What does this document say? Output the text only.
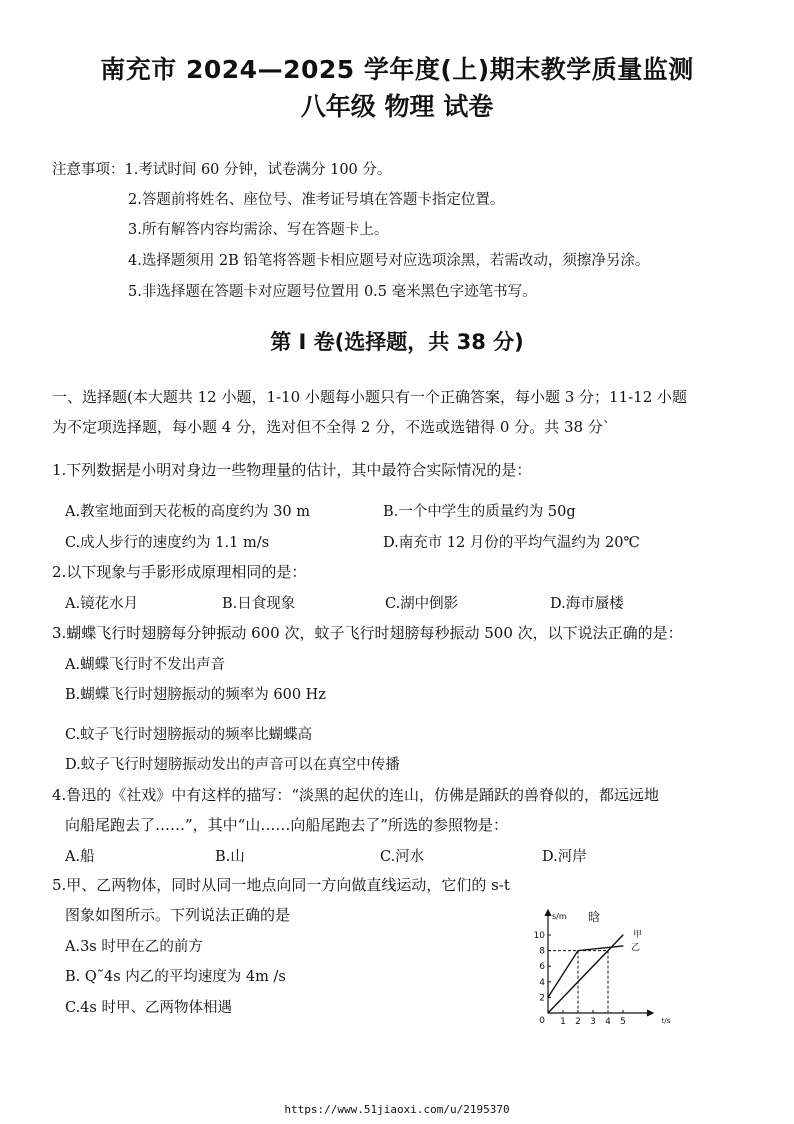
南充市 2024—2025 学年度(上)期末教学质量监测
八年级 物理 试卷
注意事项：1.考试时间 60 分钟，试卷满分 100 分。
2.答题前将姓名、座位号、准考证号填在答题卡指定位置。
3.所有解答内容均需涂、写在答题卡上。
4.选择题须用 2B 铅笔将答题卡相应题号对应选项涂黑，若需改动，须擦净另涂。
5.非选择题在答题卡对应题号位置用 0.5 毫米黑色字迹笔书写。
第 Ⅰ 卷(选择题，共 38 分)
一、选择题(本大题共 12 小题，1-10 小题每小题只有一个正确答案，每小题 3 分；11-12 小题
为不定项选择题，每小题 4 分，选对但不全得 2 分，不选或选错得 0 分。共 38 分`
1.下列数据是小明对身边一些物理量的估计，其中最符合实际情况的是：
A.教室地面到天花板的高度约为 30 m	B.一个中学生的质量约为 50g
C.成人步行的速度约为 1.1 m/s	D.南充市 12 月份的平均气温约为 20℃
2.以下现象与手影形成原理相同的是：
A.镜花水月	B.日食现象	C.湖中倒影	D.海市蜃楼
3.蝴蝶飞行时翅膀每分钟振动 600 次，蚊子飞行时翅膀每秒振动 500 次，以下说法正确的是：
A.蝴蝶飞行时不发出声音
B.蝴蝶飞行时翅膀振动的频率为 600 Hz
C.蚊子飞行时翅膀振动的频率比蝴蝶高
D.蚊子飞行时翅膀振动发出的声音可以在真空中传播
4.鲁迅的《社戏》中有这样的描写：“淡黑的起伏的连山，仿佛是踊跃的兽脊似的，都远远地
向船尾跑去了……”，其中“山……向船尾跑去了”所选的参照物是：
A.船	B.山	C.河水	D.河岸
5.甲、乙两物体，同时从同一地点向同一方向做直线运动，它们的 s-t
图象如图所示。下列说法正确的是
A.3s 时甲在乙的前方
B. Q˜4s 内乙的平均速度为 4m /s
C.4s 时甲、乙两物体相遇
s/m
t/s
晗
10
8
6
4
2
0 1 2 3 4 5
甲
乙
https://www.51jiaoxi.com/u/2195370
